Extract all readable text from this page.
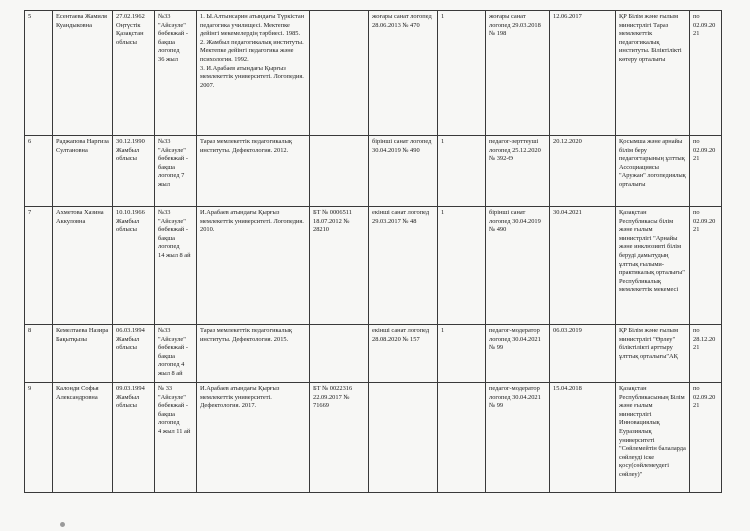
5	Есентаева Жамиля Куандыковна	27.02.1962 Оңтүстік Қазақстан облысы	№33 "Айсәуле" бөбекжай - бақша логопед
36 жыл	1. Ы.Алтынсарин атындағы Түркістан педагогика училищесі. Мектепке дейінгі мекемелердің тәрбиесі. 1985.
2. Жамбыл педагогикалық институты. Мектепке дейінгі педагогика және психология. 1992.
3. И.Арабаев атындағы Қырғыз мемлекеттік университеті. Логопедия. 2007.		жоғары санат логопед 28.06.2013 № 470	1	жоғары санат логопед 29.03.2018 № 198	12.06.2017	ҚР Білім және ғылым министрлігі Тараз мемлекеттік педагогикалық институты. Біліктілікті көтеру орталығы	по 02.09.2021
6	Раджапова Наргиза Султановна	30.12.1990 Жамбыл облысы	№33 "Айсәуле" бөбекжай - бақша логопед 7 жыл	Тараз мемлекеттік педагогикалық институты. Дефектология. 2012.		бірінші санат логопед 30.04.2019 № 490	1	педагог-зерттеуші логопед 25.12.2020 № 392-Ө	20.12.2020	Қосымша және арнайы білім беру педагогтарының ұлттық Ассоциациясы "Аружан" логопедиялық орталығы	по 02.09.2021
7	Ахметова Хазина Аккуловна	10.10.1966 Жамбыл облысы	№33 "Айсәуле" бөбекжай - бақша логопед
14 жыл 8 ай	И.Арабаев атындағы Қырғыз мемлекеттік университеті. Логопедия. 2010.	БТ № 0006511 18.07.2012 № 28210	екінші санат логопед 29.03.2017 № 48	1	бірінші санат логопед 30.04.2019 № 490	30.04.2021	Қазақстан Республикасы білім және ғылым министрлігі "Арнайы және инклюзивті білім беруді дамытудың ұлттық ғылыми-практикалық орталығы" Республикалық мемлекеттік мекемесі	по 02.09.2021
8	Кемелтаева Назира Бақытқызы	06.03.1994 Жамбыл облысы	№33 "Айсәуле" бөбекжай - бақша логопед 4 жыл 8 ай	Тараз мемлекеттік педагогикалық институты. Дефектология. 2015.		екінші санат логопед 28.08.2020 № 157	1	педагог-модератор логопед 30.04.2021 № 99	06.03.2019	ҚР Білім және ғылым министрлігі "Өрлеу" біліктілікті арттыру ұлттық орталығы"АҚ	по 28.12.2021
9	Калонди Софья Александровна	09.03.1994 Жамбыл облысы	№ 33 "Айсәуле" бөбекжай - бақша логопед
4 жыл 11 ай	И.Арабаев атындағы Қырғыз мемлекеттік университеті. Дефектология. 2017.	БТ № 0022316 22.09.2017 № 71669			педагог-модератор логопед 30.04.2021 № 99	15.04.2018	Қазақстан Республикасының Білім және ғылым министрлігі Инновациялық Еуразиялық университеті "Сөйлемейтін балаларда сөйлеуді іске қосу(сөйлемеудегі сөйлеу)"	по 02.09.2021
